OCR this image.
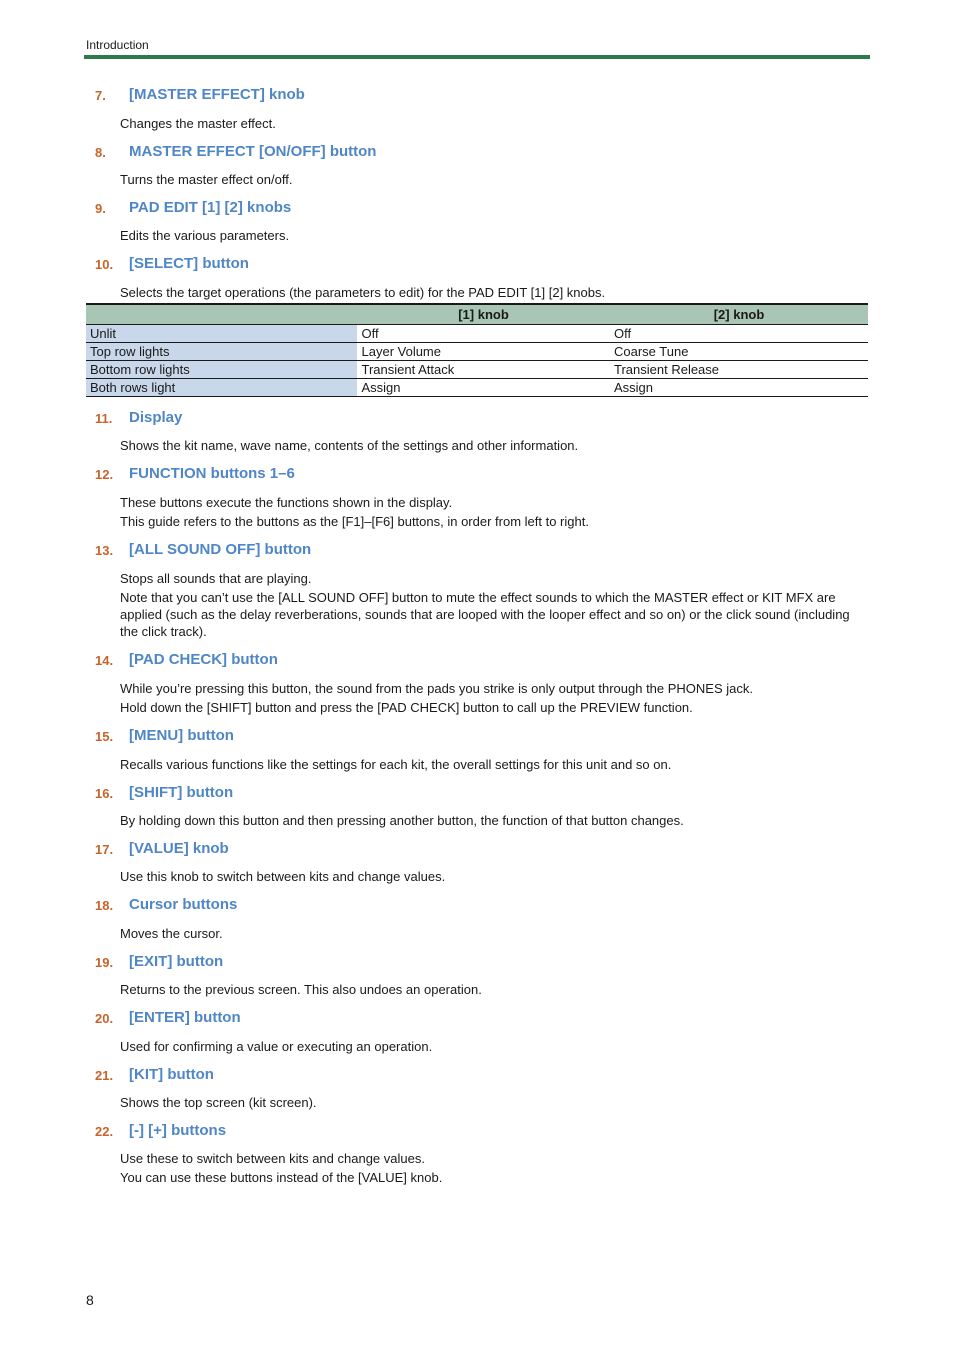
Introduction
7. [MASTER EFFECT] knob

Changes the master effect.

8. MASTER EFFECT [ON/OFF] button

Turns the master effect on/off.

9. PAD EDIT [1] [2] knobs

Edits the various parameters.

10. [SELECT] button

Selects the target operations (the parameters to edit) for the PAD EDIT [1] [2] knobs.

	[1] knob	[2] knob
Unlit	Off	Off
Top row lights	Layer Volume	Coarse Tune
Bottom row lights	Transient Attack	Transient Release
Both rows light	Assign	Assign
11. Display

Shows the kit name, wave name, contents of the settings and other information.

12. FUNCTION buttons 1–6

These buttons execute the functions shown in the display.

This guide refers to the buttons as the [F1]–[F6] buttons, in order from left to right.

13. [ALL SOUND OFF] button

Stops all sounds that are playing.

Note that you can’t use the [ALL SOUND OFF] button to mute the effect sounds to which the MASTER effect or KIT MFX are applied (such as the delay reverberations, sounds that are looped with the looper effect and so on) or the click sound (including the click track).

14. [PAD CHECK] button

While you’re pressing this button, the sound from the pads you strike is only output through the PHONES jack.

Hold down the [SHIFT] button and press the [PAD CHECK] button to call up the PREVIEW function.

15. [MENU] button

Recalls various functions like the settings for each kit, the overall settings for this unit and so on.

16. [SHIFT] button

By holding down this button and then pressing another button, the function of that button changes.

17. [VALUE] knob

Use this knob to switch between kits and change values.

18. Cursor buttons

Moves the cursor.

19. [EXIT] button

Returns to the previous screen. This also undoes an operation.

20. [ENTER] button

Used for confirming a value or executing an operation.

21. [KIT] button

Shows the top screen (kit screen).

22. [-] [+] buttons

Use these to switch between kits and change values.

You can use these buttons instead of the [VALUE] knob.

8
